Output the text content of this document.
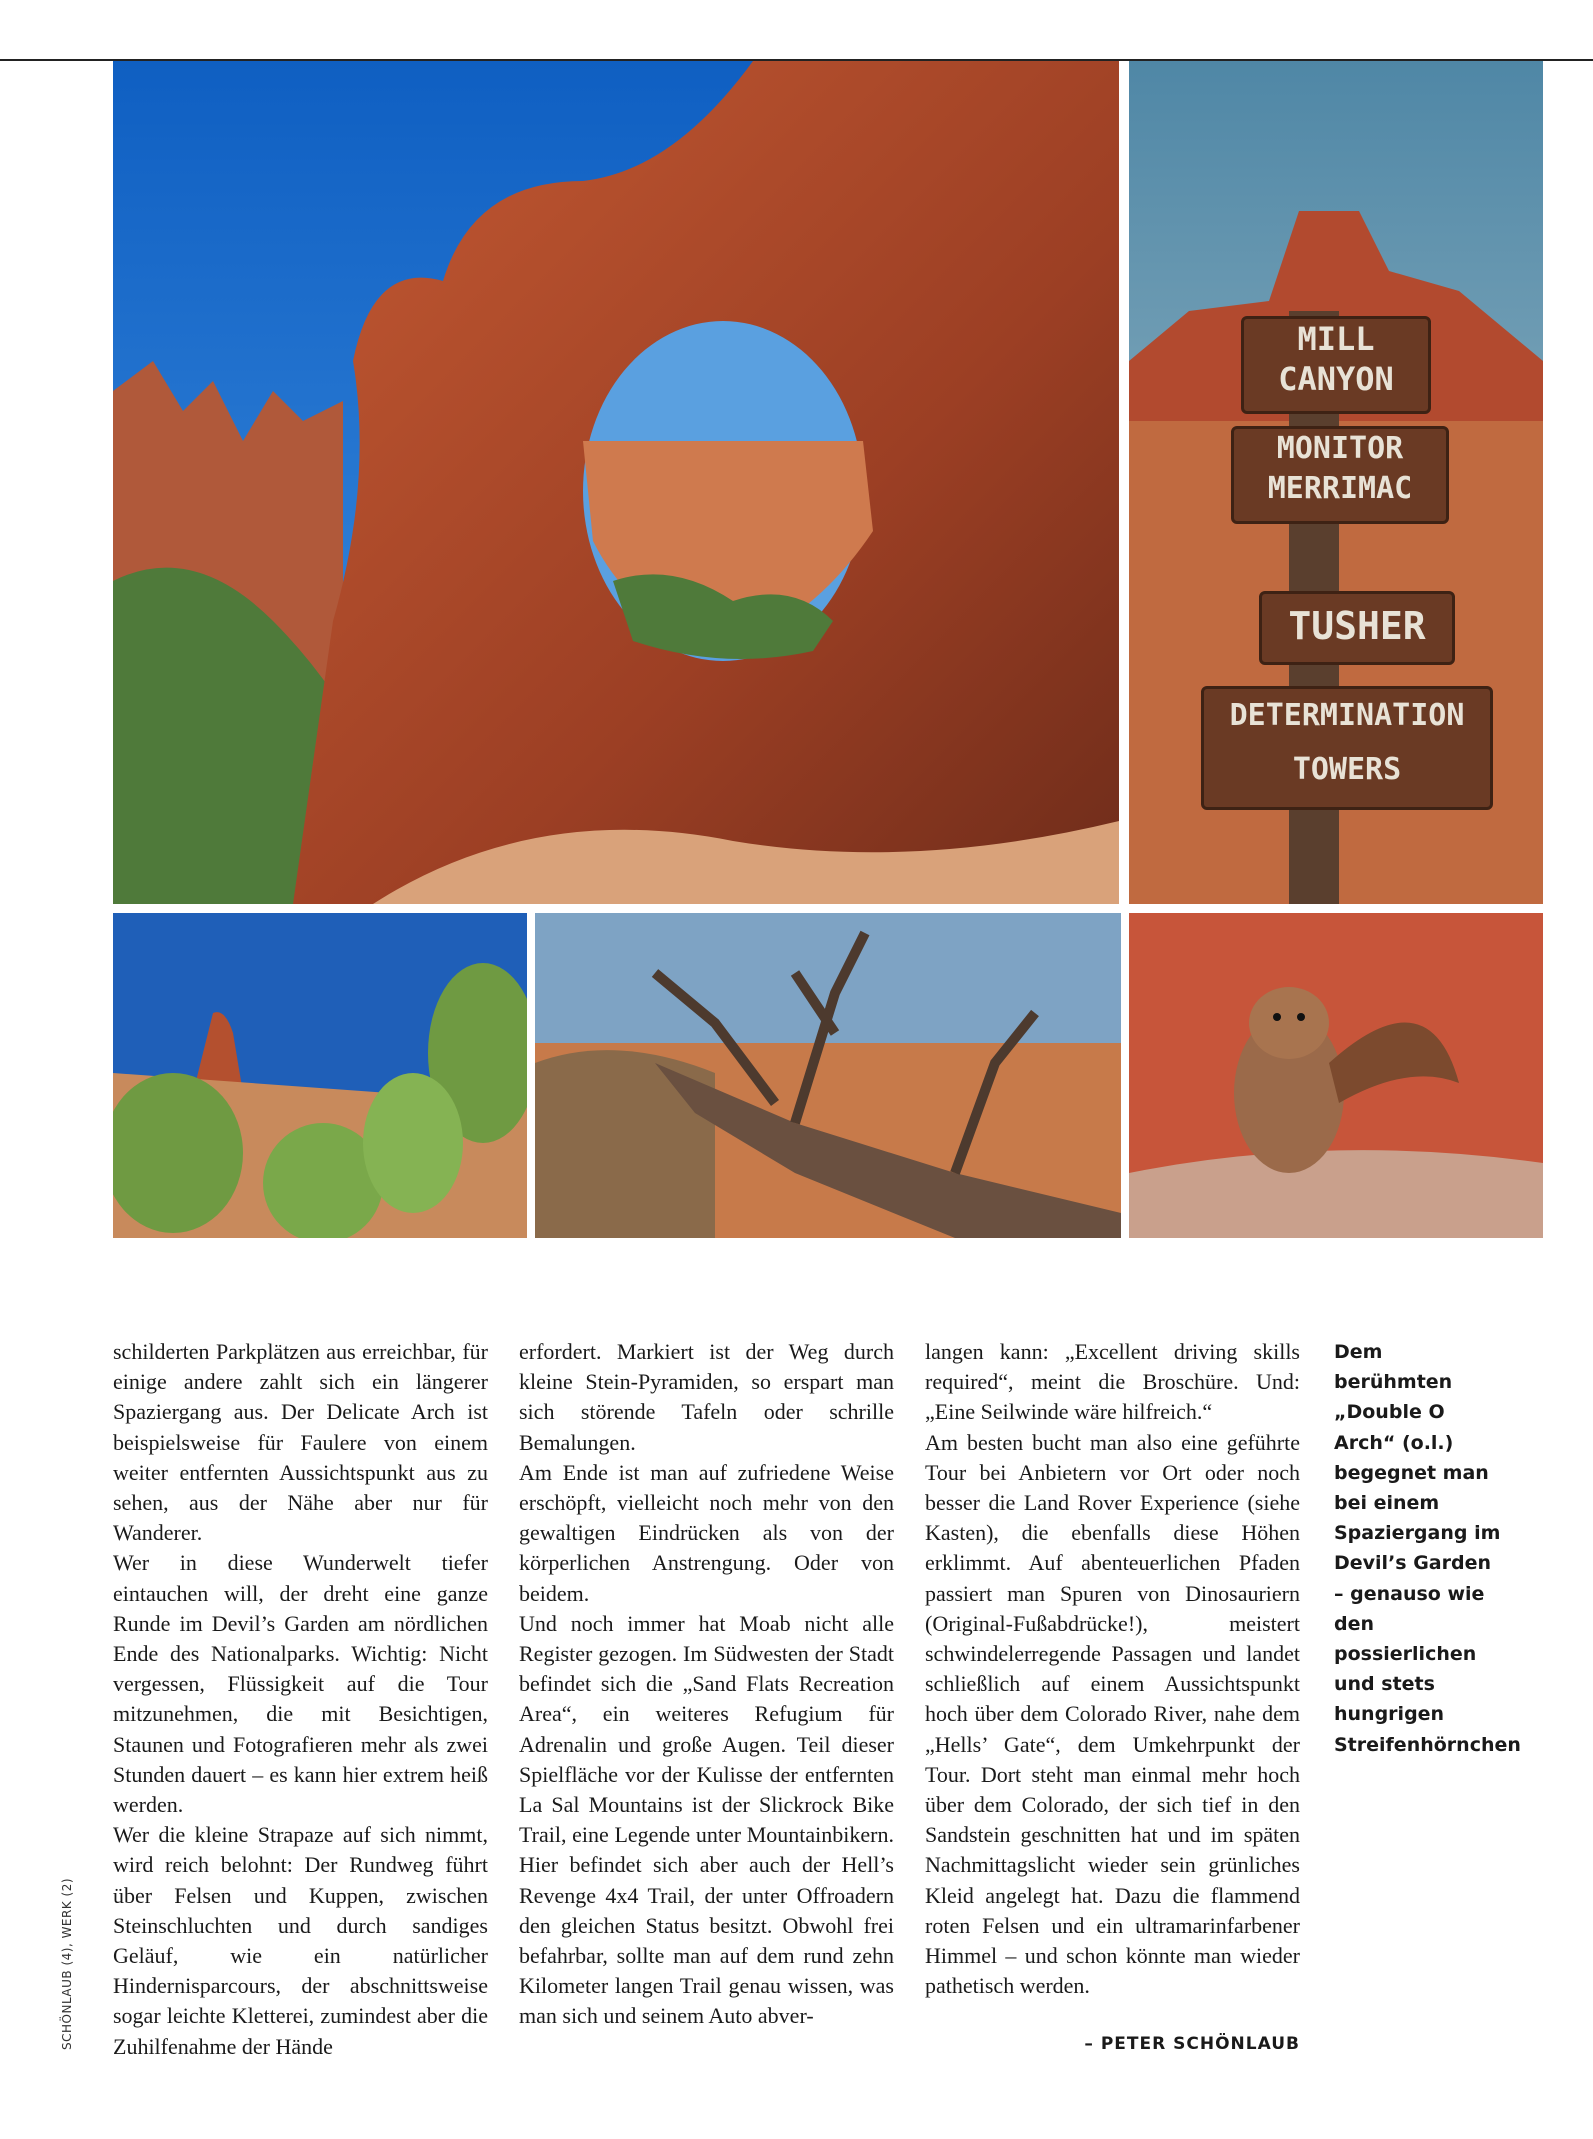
MILL
CANYON
MONITOR
MERRIMAC
TUSHER
DETERMINATION
TOWERS

schilderten Parkplätzen aus erreichbar, für einige andere zahlt sich ein längerer Spaziergang aus. Der Delicate Arch ist beispielsweise für Faulere von einem weiter entfernten Aussichtspunkt aus zu sehen, aus der Nähe aber nur für Wanderer.

Wer in diese Wunderwelt tiefer eintauchen will, der dreht eine ganze Runde im Devil’s Garden am nördlichen Ende des Nationalparks. Wichtig: Nicht vergessen, Flüssigkeit auf die Tour mitzunehmen, die mit Besichtigen, Staunen und Fotografieren mehr als zwei Stunden dauert – es kann hier extrem heiß werden.

Wer die kleine Strapaze auf sich nimmt, wird reich belohnt: Der Rundweg führt über Felsen und Kuppen, zwischen Steinschluchten und durch sandiges Geläuf, wie ein natürlicher Hindernisparcours, der abschnittsweise sogar leichte Kletterei, zumindest aber die Zuhilfenahme der Hände

erfordert. Markiert ist der Weg durch kleine Stein-Pyramiden, so erspart man sich störende Tafeln oder schrille Bemalungen.

Am Ende ist man auf zufriedene Weise erschöpft, vielleicht noch mehr von den gewaltigen Eindrücken als von der körperlichen Anstrengung. Oder von beidem.

Und noch immer hat Moab nicht alle Register gezogen. Im Südwesten der Stadt befindet sich die „Sand Flats Recreation Area“, ein weiteres Refugium für Adrenalin und große Augen. Teil dieser Spielfläche vor der Kulisse der entfernten La Sal Mountains ist der Slickrock Bike Trail, eine Legende unter Mountainbikern. Hier befindet sich aber auch der Hell’s Revenge 4x4 Trail, der unter Offroadern den gleichen Status besitzt. Obwohl frei befahrbar, sollte man auf dem rund zehn Kilometer langen Trail genau wissen, was man sich und seinem Auto abver-

langen kann: „Excellent driving skills required“, meint die Broschüre. Und: „Eine Seilwinde wäre hilfreich.“

Am besten bucht man also eine geführte Tour bei Anbietern vor Ort oder noch besser die Land Rover Experience (siehe Kasten), die ebenfalls diese Höhen erklimmt. Auf abenteuerlichen Pfaden passiert man Spuren von Dinosauriern (Original-Fußabdrücke!), meistert schwindelerregende Passagen und landet schließlich auf einem Aussichtspunkt hoch über dem Colorado River, nahe dem „Hells’ Gate“, dem Umkehrpunkt der Tour. Dort steht man einmal mehr hoch über dem Colorado, der sich tief in den Sandstein geschnitten hat und im späten Nachmittagslicht wieder sein grünliches Kleid angelegt hat. Dazu die flammend roten Felsen und ein ultramarinfarbener Himmel – und schon könnte man wieder pathetisch werden.

– PETER SCHÖNLAUB
Dem berühmten „Double O Arch“ (o.l.) begegnet man bei einem Spaziergang im Devil’s Garden – genauso wie den possierlichen und stets hungrigen Streifenhörnchen
SCHÖNLAUB (4), WERK (2)
